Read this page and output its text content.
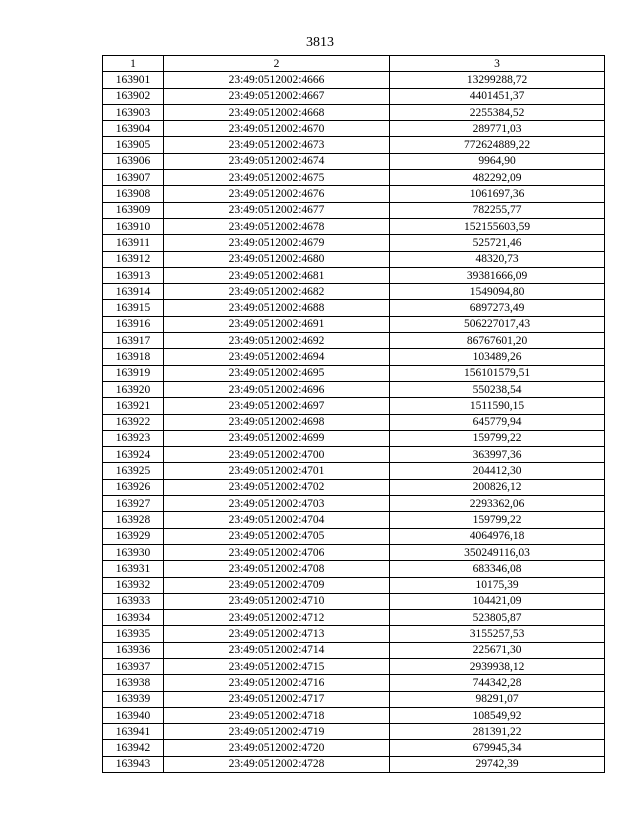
3813
1	2	3
163901	23:49:0512002:4666	13299288,72
163902	23:49:0512002:4667	4401451,37
163903	23:49:0512002:4668	2255384,52
163904	23:49:0512002:4670	289771,03
163905	23:49:0512002:4673	772624889,22
163906	23:49:0512002:4674	9964,90
163907	23:49:0512002:4675	482292,09
163908	23:49:0512002:4676	1061697,36
163909	23:49:0512002:4677	782255,77
163910	23:49:0512002:4678	152155603,59
163911	23:49:0512002:4679	525721,46
163912	23:49:0512002:4680	48320,73
163913	23:49:0512002:4681	39381666,09
163914	23:49:0512002:4682	1549094,80
163915	23:49:0512002:4688	6897273,49
163916	23:49:0512002:4691	506227017,43
163917	23:49:0512002:4692	86767601,20
163918	23:49:0512002:4694	103489,26
163919	23:49:0512002:4695	156101579,51
163920	23:49:0512002:4696	550238,54
163921	23:49:0512002:4697	1511590,15
163922	23:49:0512002:4698	645779,94
163923	23:49:0512002:4699	159799,22
163924	23:49:0512002:4700	363997,36
163925	23:49:0512002:4701	204412,30
163926	23:49:0512002:4702	200826,12
163927	23:49:0512002:4703	2293362,06
163928	23:49:0512002:4704	159799,22
163929	23:49:0512002:4705	4064976,18
163930	23:49:0512002:4706	350249116,03
163931	23:49:0512002:4708	683346,08
163932	23:49:0512002:4709	10175,39
163933	23:49:0512002:4710	104421,09
163934	23:49:0512002:4712	523805,87
163935	23:49:0512002:4713	3155257,53
163936	23:49:0512002:4714	225671,30
163937	23:49:0512002:4715	2939938,12
163938	23:49:0512002:4716	744342,28
163939	23:49:0512002:4717	98291,07
163940	23:49:0512002:4718	108549,92
163941	23:49:0512002:4719	281391,22
163942	23:49:0512002:4720	679945,34
163943	23:49:0512002:4728	29742,39
